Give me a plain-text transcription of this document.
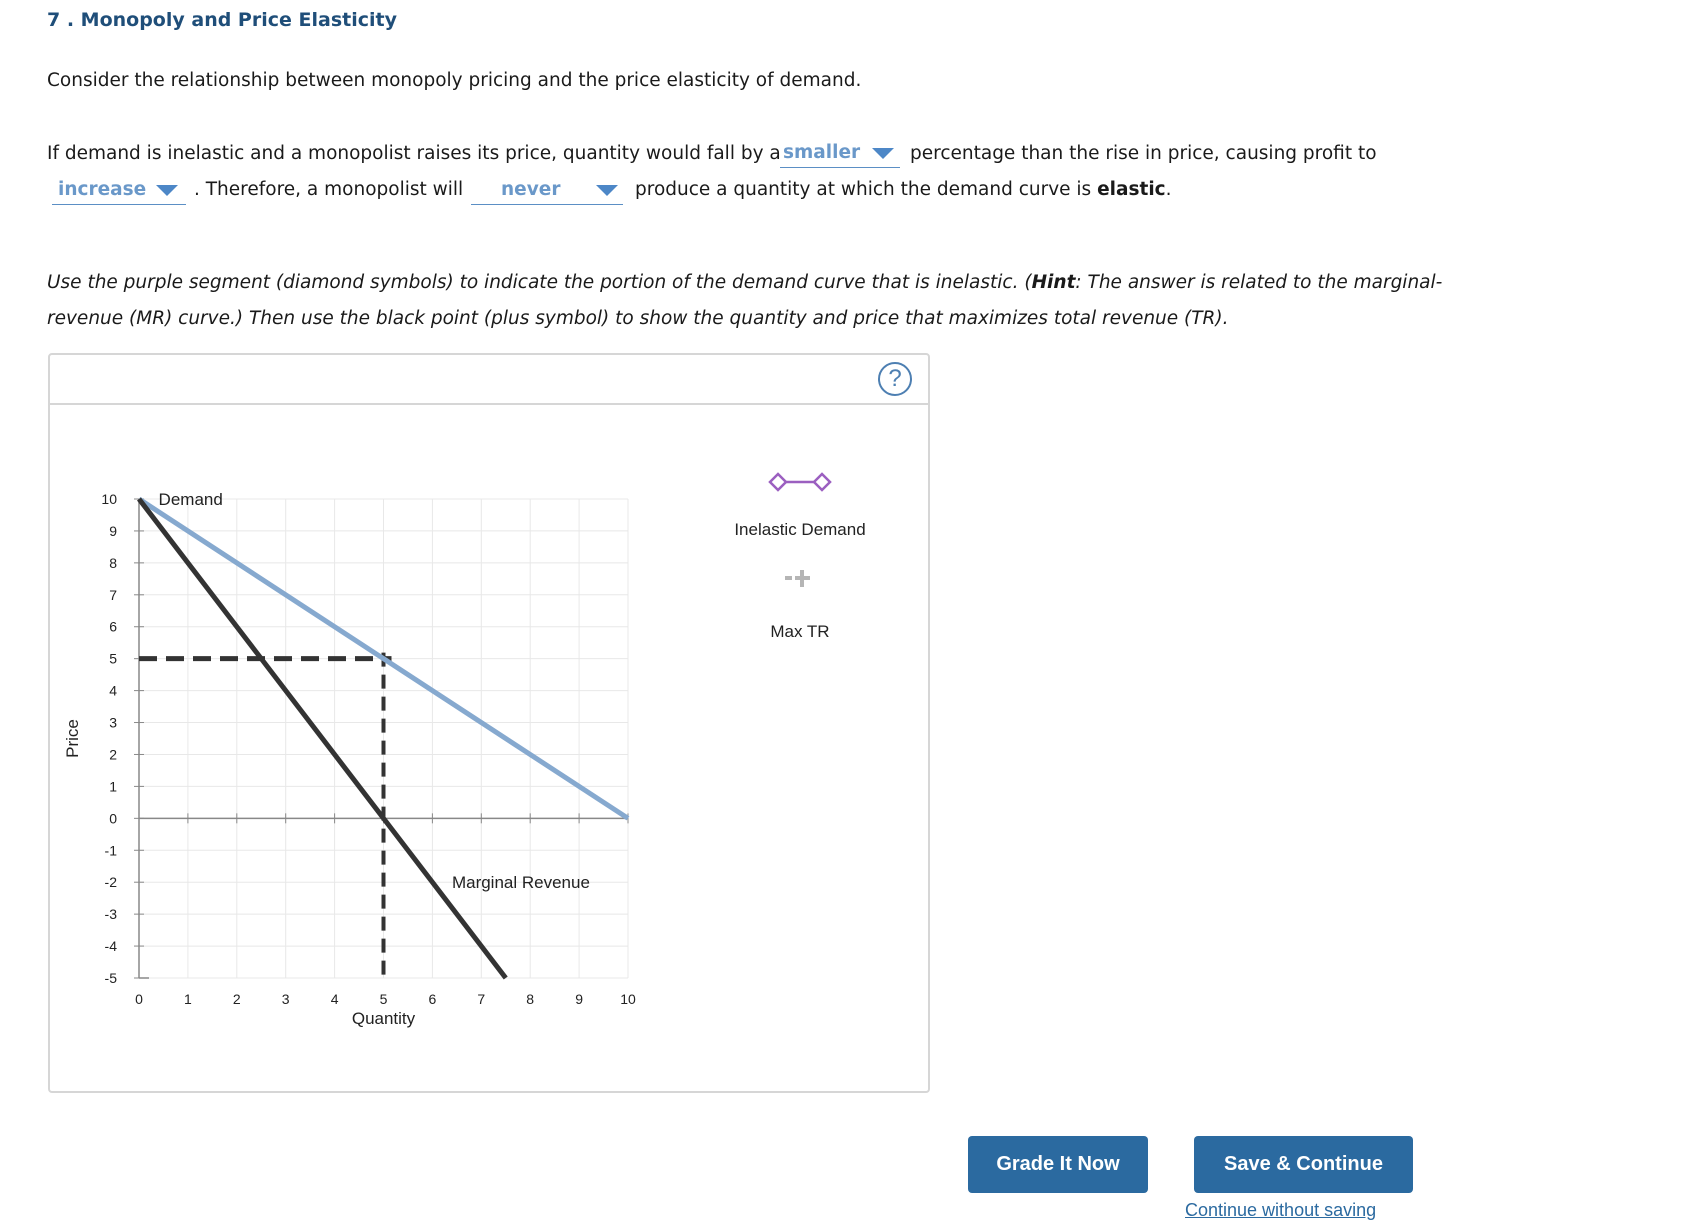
7 . Monopoly and Price Elasticity
Consider the relationship between monopoly pricing and the price elasticity of demand.
If demand is inelastic and a monopolist raises its price, quantity would fall by a smaller	percentage than the rise in price, causing profit to
increase	. Therefore, a monopolist will never	produce a quantity at which the demand curve is elastic.
Use the purple segment (diamond symbols) to indicate the portion of the demand curve that is inelastic. (Hint: The answer is related to the marginal-
revenue (MR) curve.) Then use the black point (plus symbol) to show the quantity and price that maximizes total revenue (TR).
?
0	1	2	3	4	5	6	7	8	9	10
10
9
8
7
6
5
4
3
2
1
0
-1
-2
-3
-4
-5
Quantity
Price
Demand
Marginal Revenue
Inelastic Demand
Max TR
Grade It Now	Save & Continue
Continue without saving
